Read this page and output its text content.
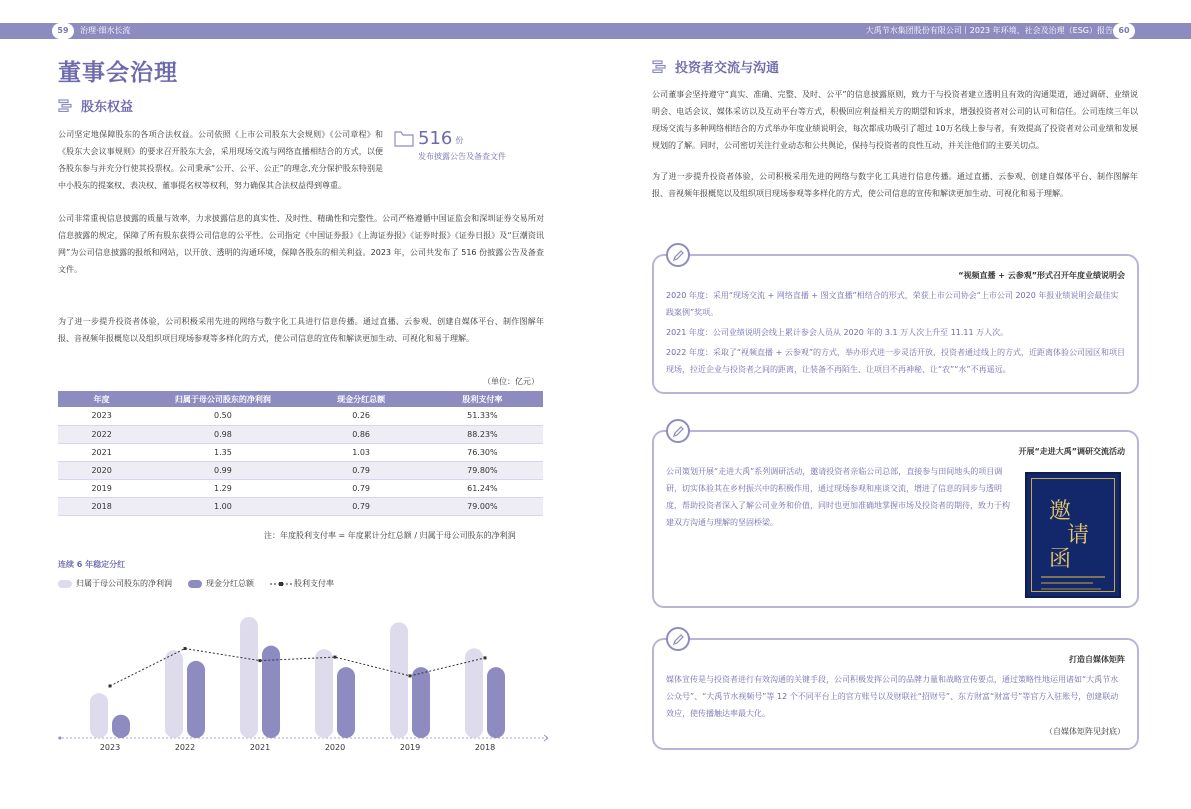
59	治理·细水长流	大禹节水集团股份有限公司丨2023 年环境、社会及治理（ESG）报告 60
董事会治理
股东权益

公司坚定地保障股东的各项合法权益。公司依照《上市公司股东大会规则》《公司章程》和《股东大会议事规则》的要求召开股东大会，采用现场交流与网络直播相结合的方式，以便各股东参与并充分行使其投票权。公司秉承“公开、公平、公正”的理念,充分保护股东特别是中小股东的提案权、表决权、董事提名权等权利，努力确保其合法权益得到尊重。

516 份
发布披露公告及备查文件

公司非常重视信息披露的质量与效率，力求披露信息的真实性、及时性、精确性和完整性。公司严格遵循中国证监会和深圳证券交易所对信息披露的规定，保障了所有股东获得公司信息的公平性。公司指定《中国证券报》《上海证券报》《证券时报》《证券日报》及“巨潮资讯网”为公司信息披露的报纸和网站，以开放、透明的沟通环境，保障各股东的相关利益。2023 年，公司共发布了 516 份披露公告及备查文件。

为了进一步提升投资者体验，公司积极采用先进的网络与数字化工具进行信息传播。通过直播、云参观、创建自媒体平台、制作图解年报、音视频年报概览以及组织项目现场参观等多样化的方式，使公司信息的宣传和解读更加生动、可视化和易于理解。

（单位：亿元）
年度	归属于母公司股东的净利润	现金分红总额	股利支付率
2023	0.50	0.26	51.33%
2022	0.98	0.86	88.23%
2021	1.35	1.03	76.30%
2020	0.99	0.79	79.80%
2019	1.29	0.79	61.24%
2018	1.00	0.79	79.00%
注：年度股利支付率 = 年度累计分红总额 / 归属于母公司股东的净利润
连续 6 年稳定分红
归属于母公司股东的净利润	现金分红总额	股利支付率
2023	2022	2021	2020	2019	2018
投资者交流与沟通

公司董事会坚持遵守“真实、准确、完整、及时、公平”的信息披露原则，致力于与投资者建立透明且有效的沟通渠道，通过调研、业绩说明会、电话会议、媒体采访以及互动平台等方式，积极回应利益相关方的期望和诉求，增强投资者对公司的认可和信任。公司连续三年以现场交流与多种网络相结合的方式举办年度业绩说明会，每次都成功吸引了超过 10万名线上参与者，有效提高了投资者对公司业绩和发展规划的了解。同时，公司密切关注行业动态和公共舆论，保持与投资者的良性互动，并关注他们的主要关切点。

为了进一步提升投资者体验，公司积极采用先进的网络与数字化工具进行信息传播。通过直播、云参观、创建自媒体平台、制作图解年报、音视频年报概览以及组织项目现场参观等多样化的方式，使公司信息的宣传和解读更加生动、可视化和易于理解。

“视频直播 + 云参观”形式召开年度业绩说明会

2020 年度：采用“现场交流 + 网络直播 + 图文直播”相结合的形式，荣获上市公司协会“上市公司 2020 年报业绩说明会最佳实践案例”奖项。

2021 年度：公司业绩说明会线上累计参会人员从 2020 年的 3.1 万人次上升至 11.11 万人次。

2022 年度：采取了“视频直播 + 云参观”的方式，举办形式进一步灵活开放，投资者通过线上的方式，近距离体验公司园区和项目现场，拉近企业与投资者之间的距离，让装备不再陌生、让项目不再神秘、让“农”“水”不再遥远。

开展“走进大禹”调研交流活动

公司策划开展“走进大禹”系列调研活动，邀请投资者亲临公司总部，直接参与田间地头的项目调研，切实体验其在乡村振兴中的积极作用，通过现场参观和座谈交流，增进了信息的同步与透明度，帮助投资者深入了解公司业务和价值，同时也更加准确地掌握市场及投资者的期待，致力于构建双方沟通与理解的坚固桥梁。	邀
请
函
打造自媒体矩阵

媒体宣传是与投资者进行有效沟通的关键手段，公司积极发挥公司的品牌力量和战略宣传要点，通过策略性地运用诸如“大禹节水公众号”、“大禹节水视频号”等 12 个不同平台上的官方账号以及财联社“招财号”、东方财富“财富号”等官方入驻账号，创建联动效应，使传播触达率最大化。

（自媒体矩阵见封底）
